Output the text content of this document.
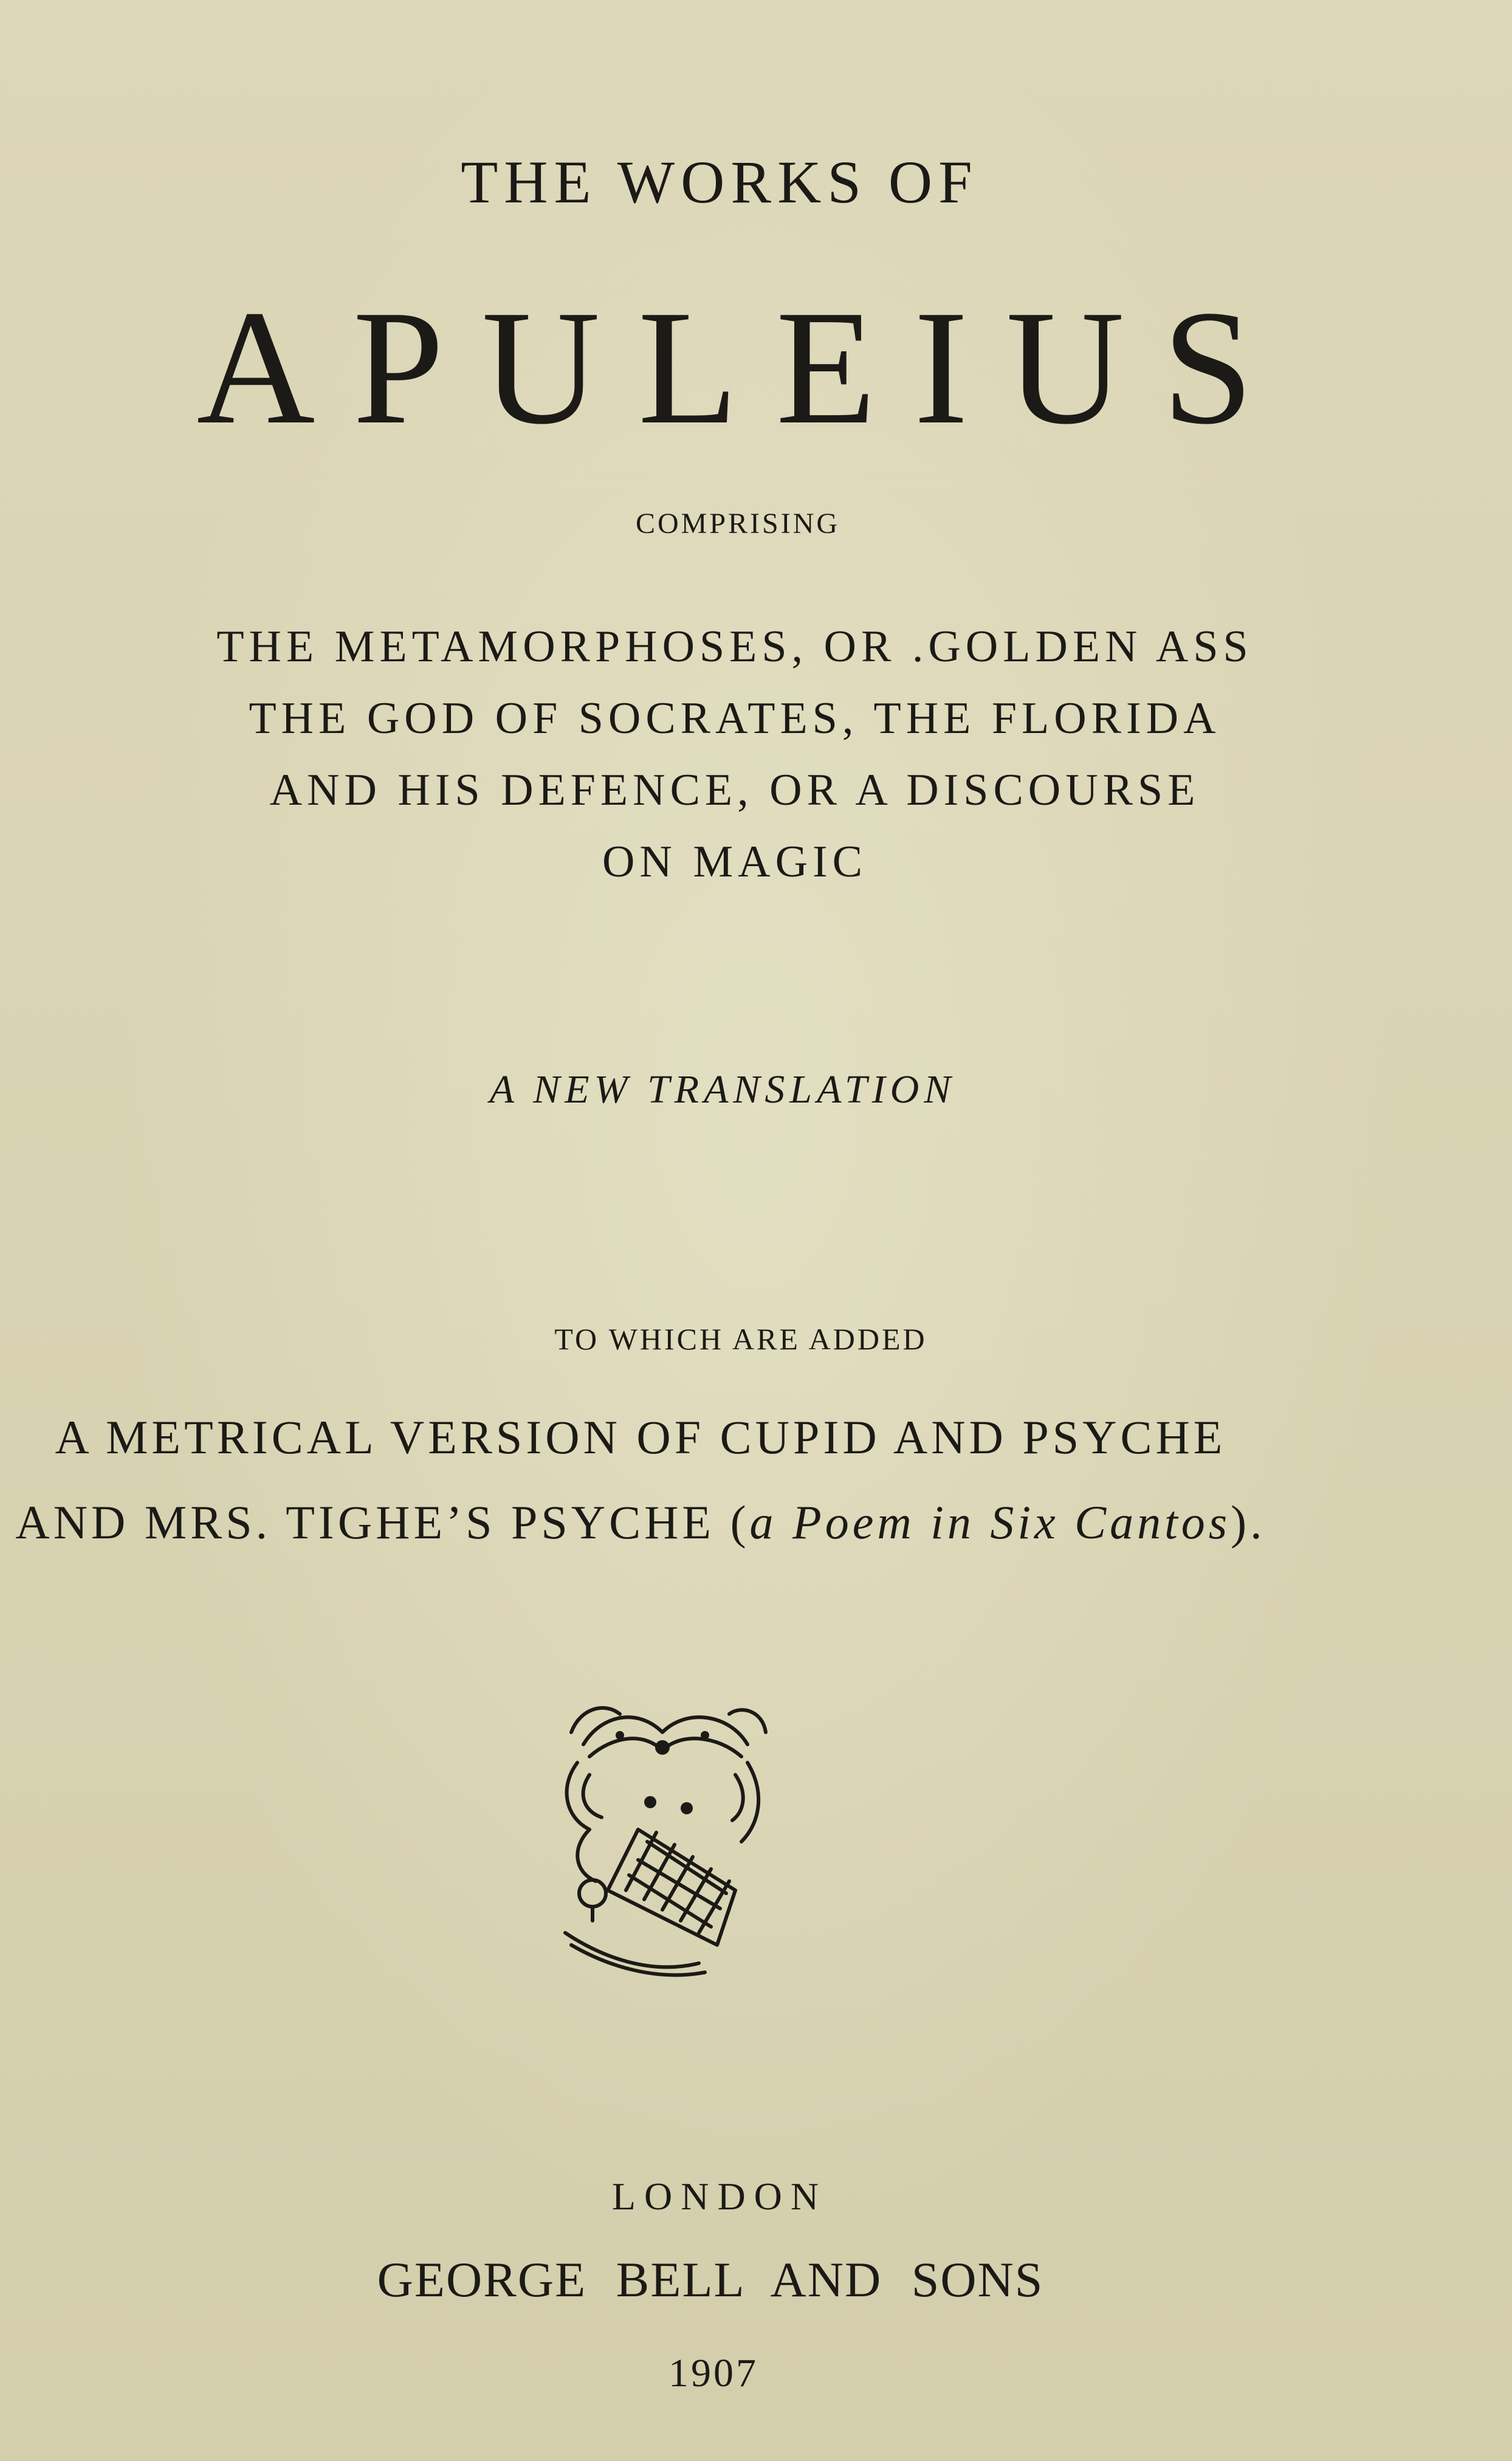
THE WORKS OF
APULEIUS
COMPRISING
THE METAMORPHOSES, OR .GOLDEN ASS
THE GOD OF SOCRATES, THE FLORIDA
AND HIS DEFENCE, OR A DISCOURSE
ON MAGIC
A NEW TRANSLATION
TO WHICH ARE ADDED
A METRICAL VERSION OF CUPID AND PSYCHE
AND MRS. TIGHE’S PSYCHE (a Poem in Six Cantos).
LONDON
GEORGE BELL AND SONS
1907
